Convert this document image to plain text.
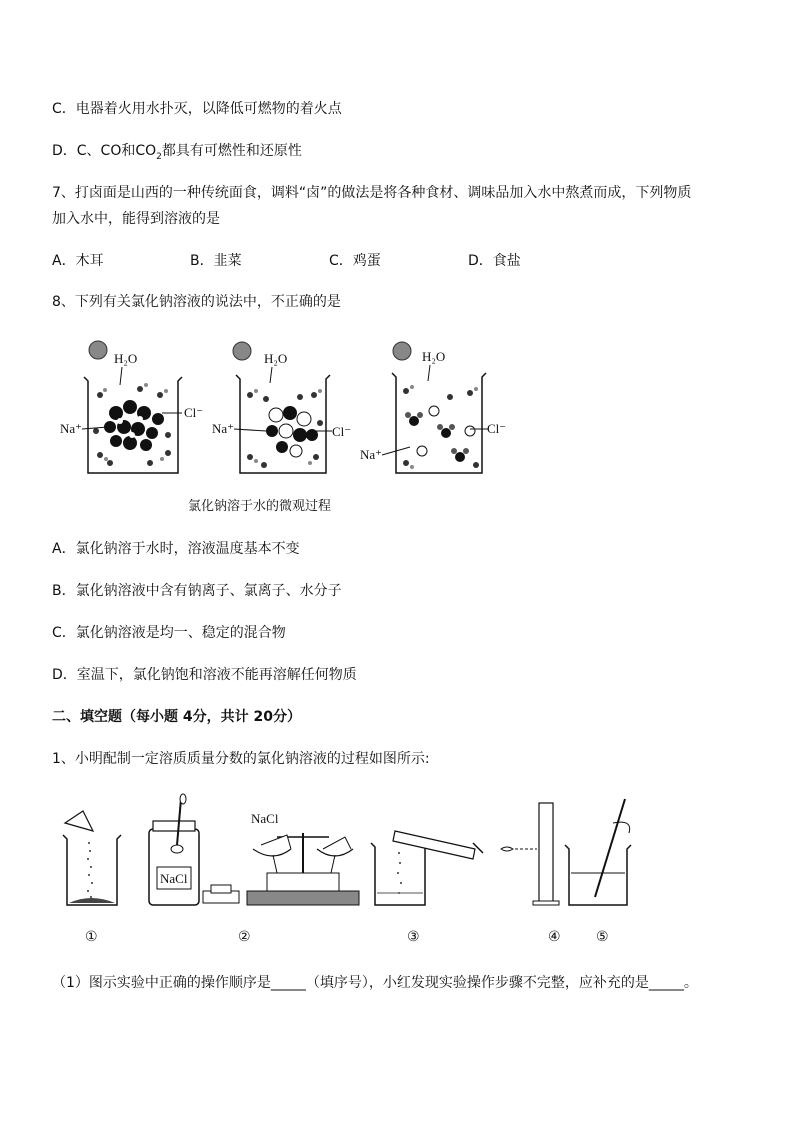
C．电器着火用水扑灭，以降低可燃物的着火点
D．C、CO和$CO_2$都具有可燃性和还原性
7、打卤面是山西的一种传统面食，调料“卤”的做法是将各种食材、调味品加入水中熬煮而成，下列物质
加入水中，能得到溶液的是
A．木耳	B．韭菜	C．鸡蛋	D．食盐
8、下列有关氯化钠溶液的说法中，不正确的是
H₂O
Cl⁻
Na⁺
H₂O
Cl⁻
Na⁺
H₂O
Cl⁻
Na⁺
氯化钠溶于水的微观过程
A．氯化钠溶于水时，溶液温度基本不变
B．氯化钠溶液中含有钠离子、氯离子、水分子
C．氯化钠溶液是均一、稳定的混合物
D．室温下，氯化钠饱和溶液不能再溶解任何物质
二、填空题（每小题 4分，共计 20分）
1、小明配制一定溶质质量分数的氯化钠溶液的过程如图所示:
NaCl
NaCl
①	②	③	④	⑤
（1）图示实验中正确的操作顺序是_____（填序号），小红发现实验操作步骤不完整，应补充的是_____。
